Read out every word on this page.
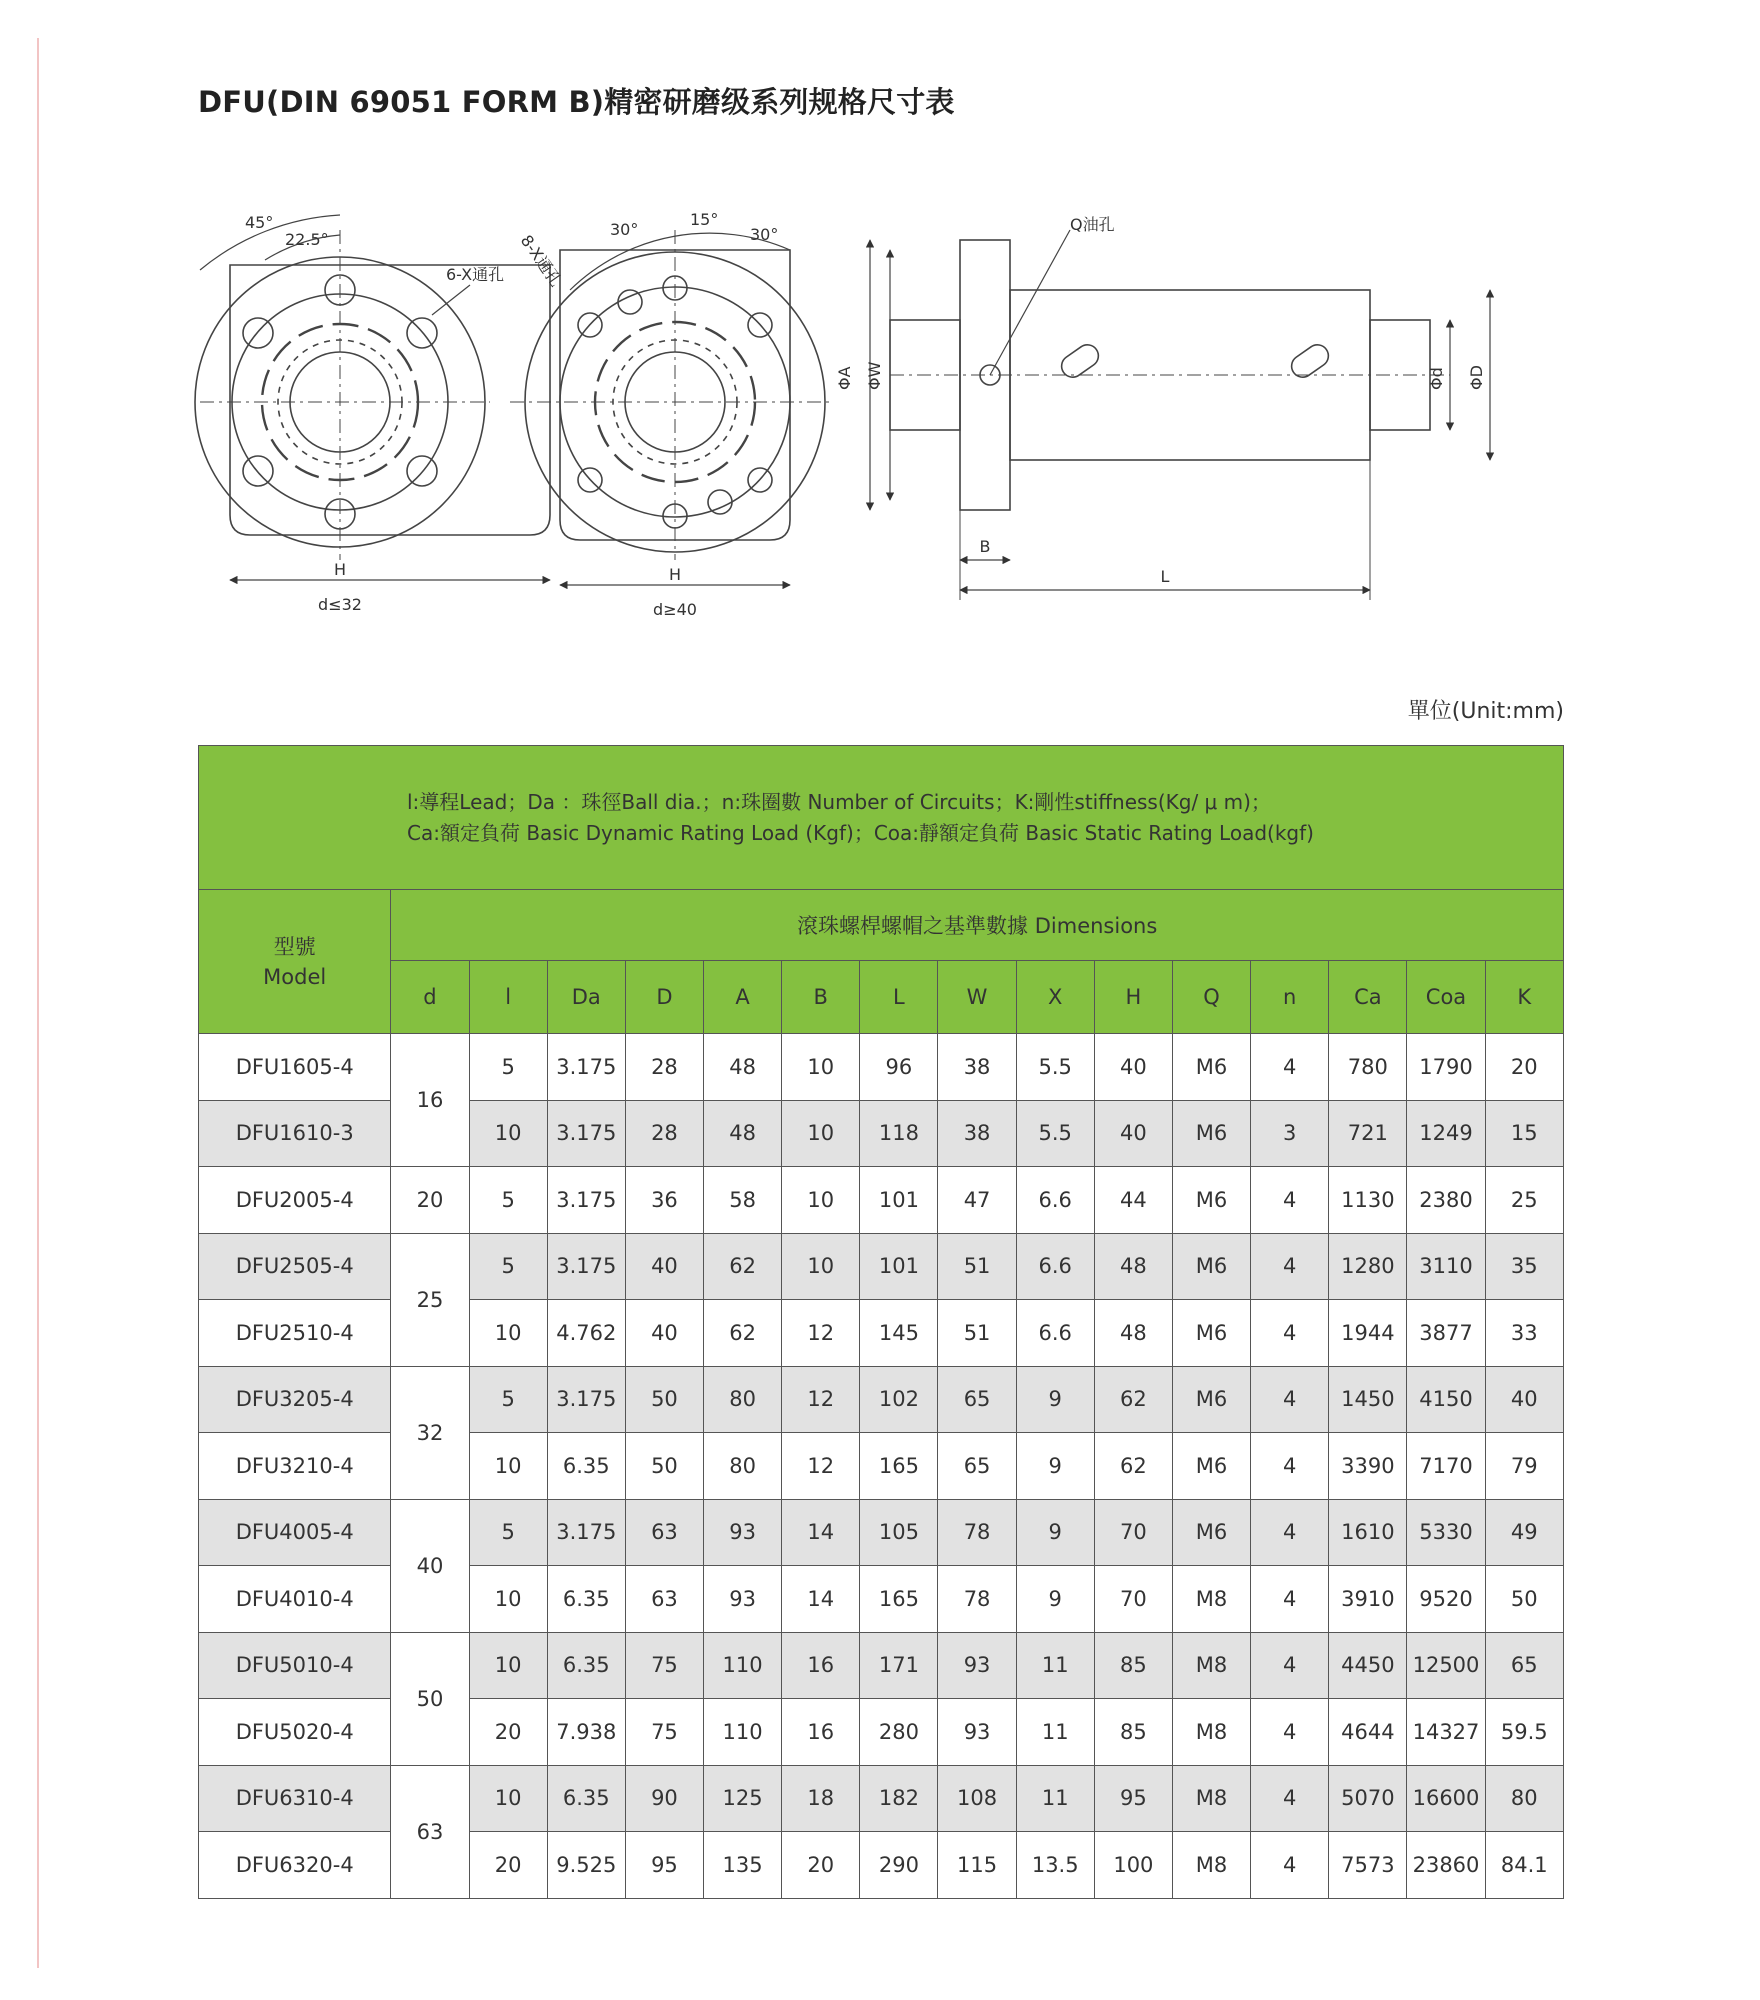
DFU(DIN 69051 FORM B)精密研磨级系列规格尺寸表
45°
22.5°
6-X通孔
H
d≤32
30°
15°
30°
8-X通孔
H
d≥40
Q油孔
ΦA ΦW	Φd ΦD
B
L
單位(Unit:mm)
l:導程Lead；Da ：珠徑Ball dia.；n:珠圈數 Number of Circuits；K:剛性stiffness(Kg/ μ m)；
Ca:額定負荷 Basic Dynamic Rating Load (Kgf)；Coa:靜額定負荷 Basic Static Rating Load(kgf)															

型號
Model	滾珠螺桿螺帽之基準數據 Dimensions														
	d	l	Da	D	A	B	L	W	X	H	Q	n	Ca	Coa	K
DFU1605-4	16	5	3.175	28	48	10	96	38	5.5	40	M6	4	780	1790	20
DFU1610-3		10	3.175	28	48	10	118	38	5.5	40	M6	3	721	1249	15
DFU2005-4	20	5	3.175	36	58	10	101	47	6.6	44	M6	4	1130	2380	25
DFU2505-4	25	5	3.175	40	62	10	101	51	6.6	48	M6	4	1280	3110	35
DFU2510-4		10	4.762	40	62	12	145	51	6.6	48	M6	4	1944	3877	33
DFU3205-4	32	5	3.175	50	80	12	102	65	9	62	M6	4	1450	4150	40
DFU3210-4		10	6.35	50	80	12	165	65	9	62	M6	4	3390	7170	79
DFU4005-4	40	5	3.175	63	93	14	105	78	9	70	M6	4	1610	5330	49
DFU4010-4		10	6.35	63	93	14	165	78	9	70	M8	4	3910	9520	50
DFU5010-4	50	10	6.35	75	110	16	171	93	11	85	M8	4	4450	12500	65
DFU5020-4		20	7.938	75	110	16	280	93	11	85	M8	4	4644	14327	59.5
DFU6310-4	63	10	6.35	90	125	18	182	108	11	95	M8	4	5070	16600	80
DFU6320-4		20	9.525	95	135	20	290	115	13.5	100	M8	4	7573	23860	84.1
